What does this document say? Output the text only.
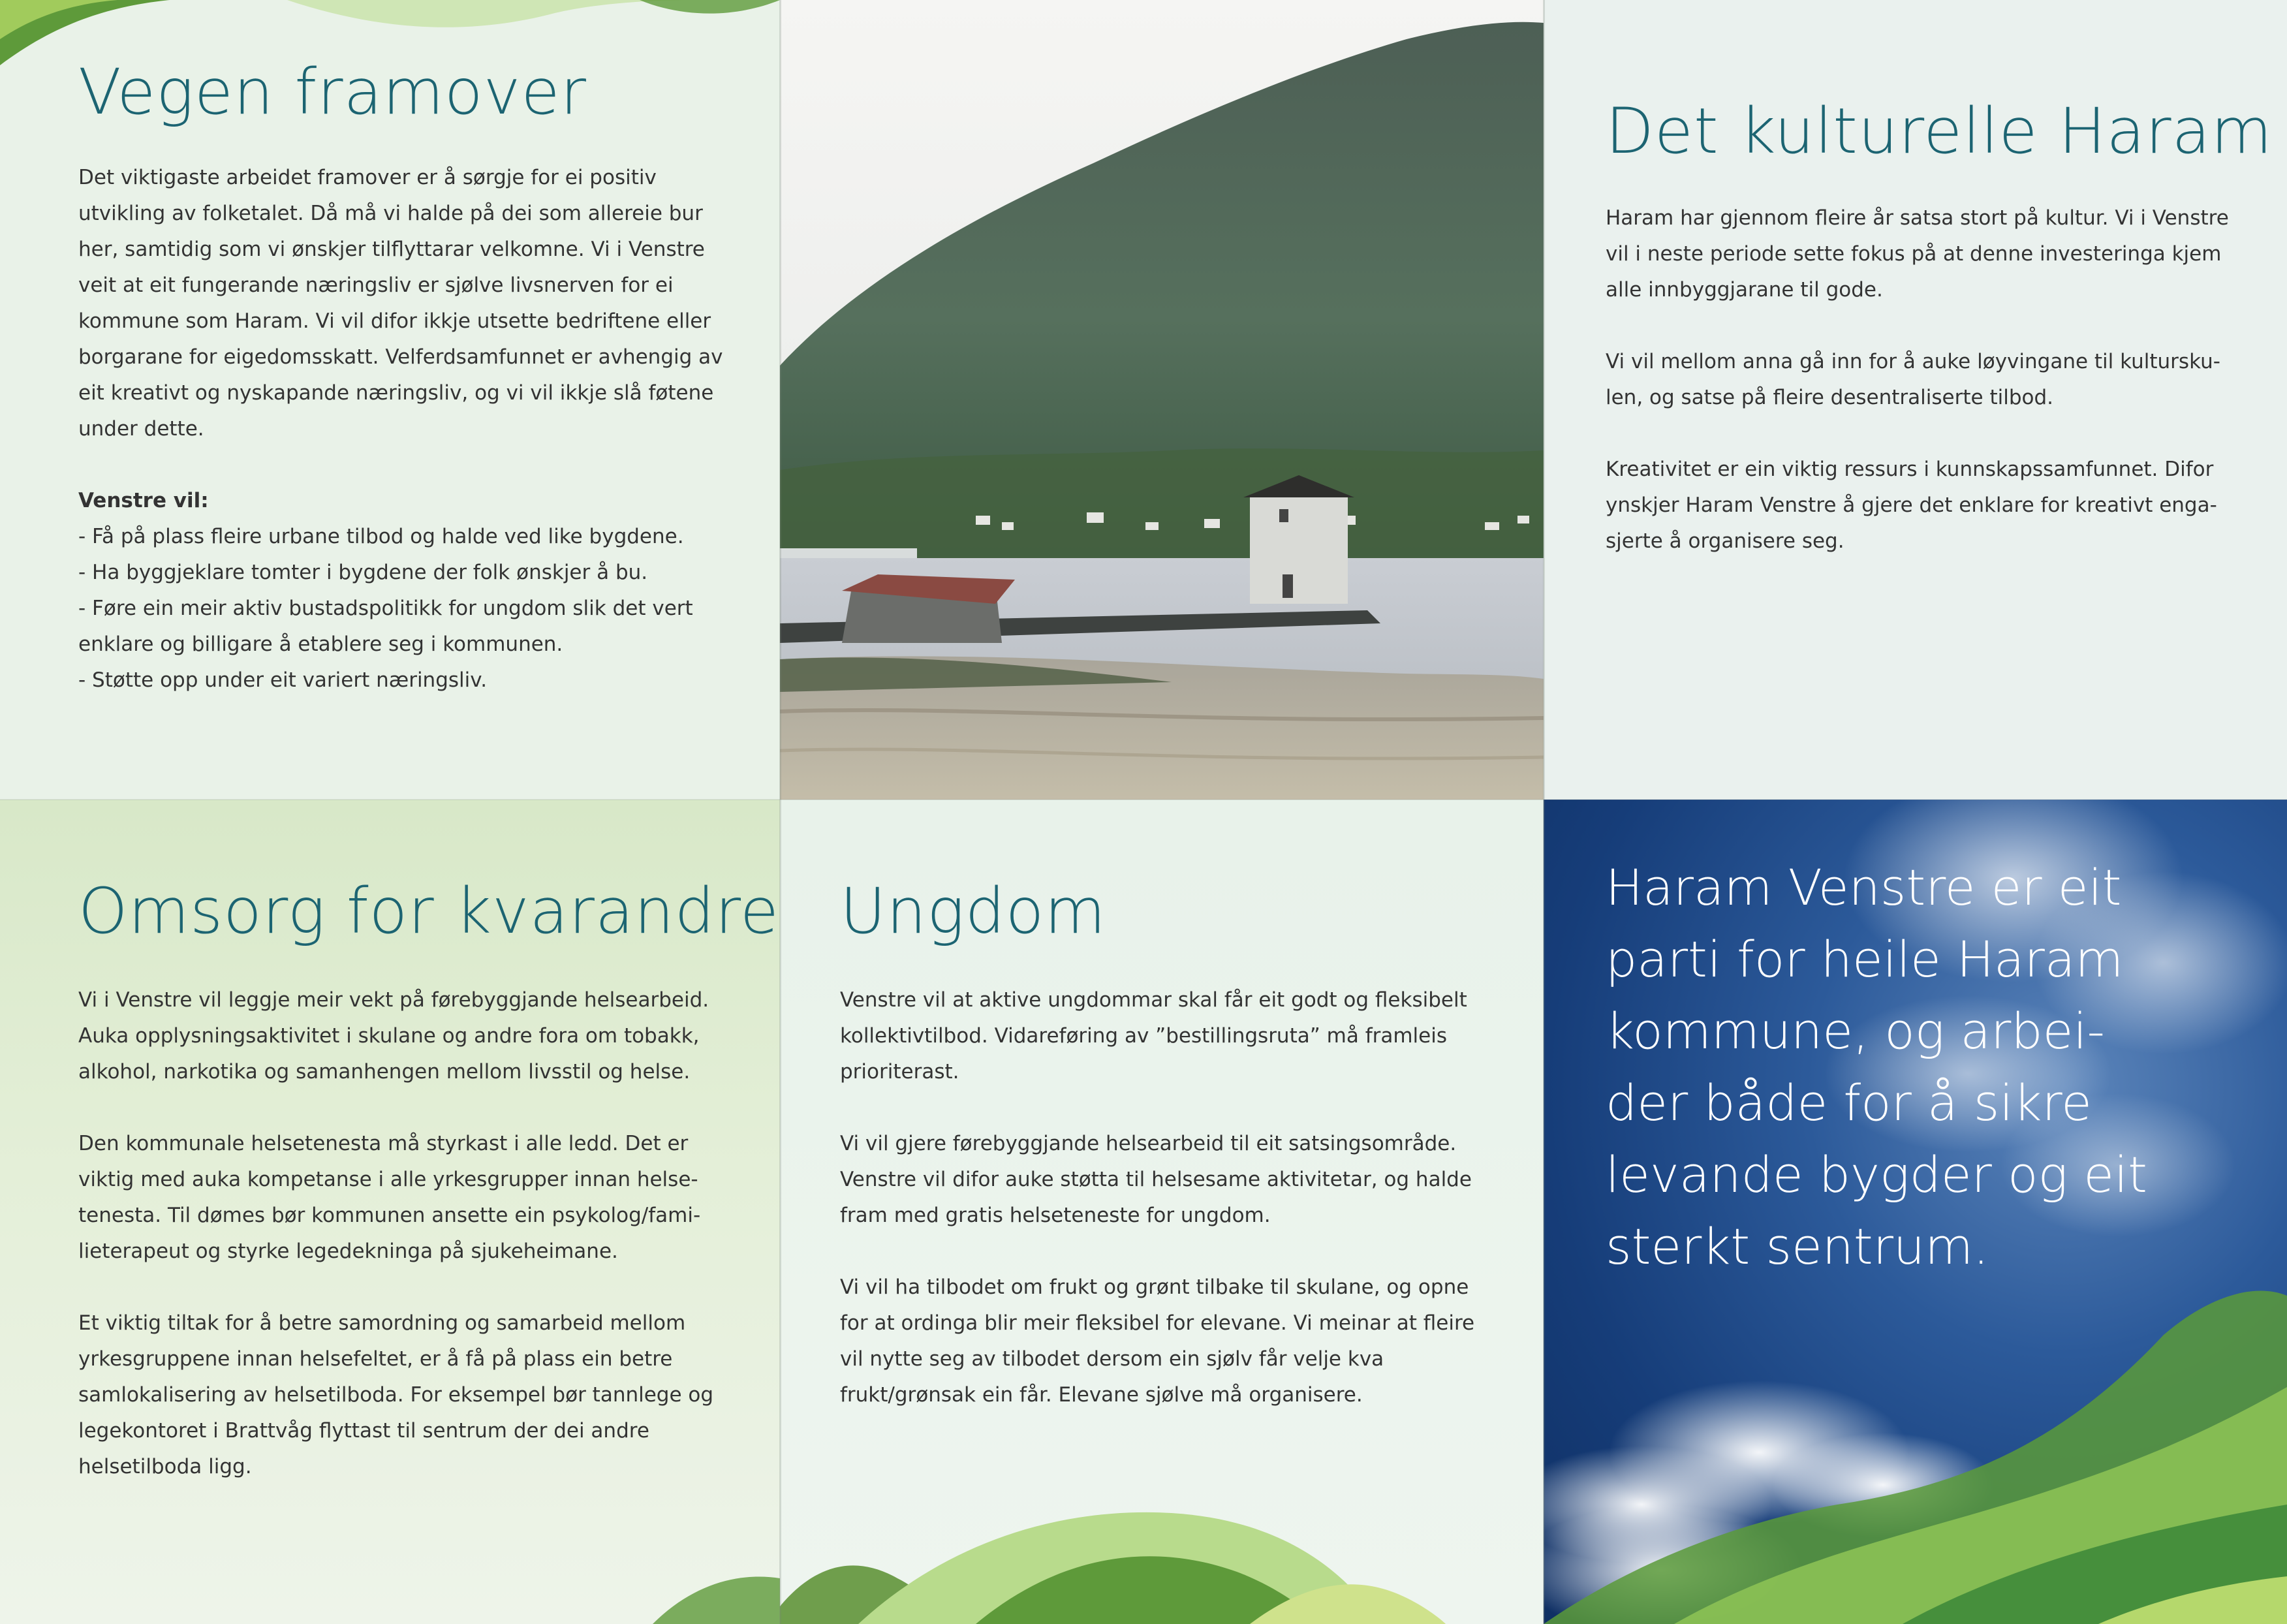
Vegen framover

Det viktigaste arbeidet framover er å sørgje for ei positiv utvikling av folketalet. Då må vi halde på dei som allereie bur her, samtidig som vi ønskjer tilflyttarar velkomne. Vi i Venstre veit at eit fungerande næringsliv er sjølve livsnerven for ei kommune som Haram. Vi vil difor ikkje utsette bedriftene eller borgarane for eigedomsskatt. Velferdsamfunnet er avhengig av eit kreativt og nyskapande næringsliv, og vi vil ikkje slå føtene under dette.

Venstre vil:
- Få på plass fleire urbane tilbod og halde ved like bygdene.
- Ha byggjeklare tomter i bygdene der folk ønskjer å bu.
- Føre ein meir aktiv bustadspolitikk for ungdom slik det vert enklare og billigare å etablere seg i kommunen.
- Støtte opp under eit variert næringsliv.
Det kulturelle Haram

Haram har gjennom fleire år satsa stort på kultur. Vi i Venstre vil i neste periode sette fokus på at denne investeringa kjem alle innbyggjarane til gode.

Vi vil mellom anna gå inn for å auke løyvingane til kultursku-len, og satse på fleire desentraliserte tilbod.

Kreativitet er ein viktig ressurs i kunnskapssamfunnet. Difor ynskjer Haram Venstre å gjere det enklare for kreativt enga-sjerte å organisere seg.

Omsorg for kvarandre

Vi i Venstre vil leggje meir vekt på førebyggjande helsearbeid. Auka opplysningsaktivitet i skulane og andre fora om tobakk, alkohol, narkotika og samanhengen mellom livsstil og helse.

Den kommunale helsetenesta må styrkast i alle ledd. Det er viktig med auka kompetanse i alle yrkesgrupper innan helse-tenesta. Til dømes bør kommunen ansette ein psykolog/fami-lieterapeut og styrke legedekninga på sjukeheimane.

Et viktig tiltak for å betre samordning og samarbeid mellom yrkesgruppene innan helsefeltet, er å få på plass ein betre samlokalisering av helsetilboda. For eksempel bør tannlege og legekontoret i Brattvåg flyttast til sentrum der dei andre helsetilboda ligg.

Ungdom

Venstre vil at aktive ungdommar skal får eit godt og fleksibelt kollektivtilbod. Vidareføring av ”bestillingsruta” må framleis prioriterast.

Vi vil gjere førebyggjande helsearbeid til eit satsingsområde. Venstre vil difor auke støtta til helsesame aktivitetar, og halde fram med gratis helseteneste for ungdom.

Vi vil ha tilbodet om frukt og grønt tilbake til skulane, og opne for at ordinga blir meir fleksibel for elevane. Vi meinar at fleire vil nytte seg av tilbodet dersom ein sjølv får velje kva frukt/grønsak ein får. Elevane sjølve må organisere.

Haram Venstre er eit
parti for heile Haram
kommune, og arbei-
der både for å sikre
levande bygder og eit
sterkt sentrum.
